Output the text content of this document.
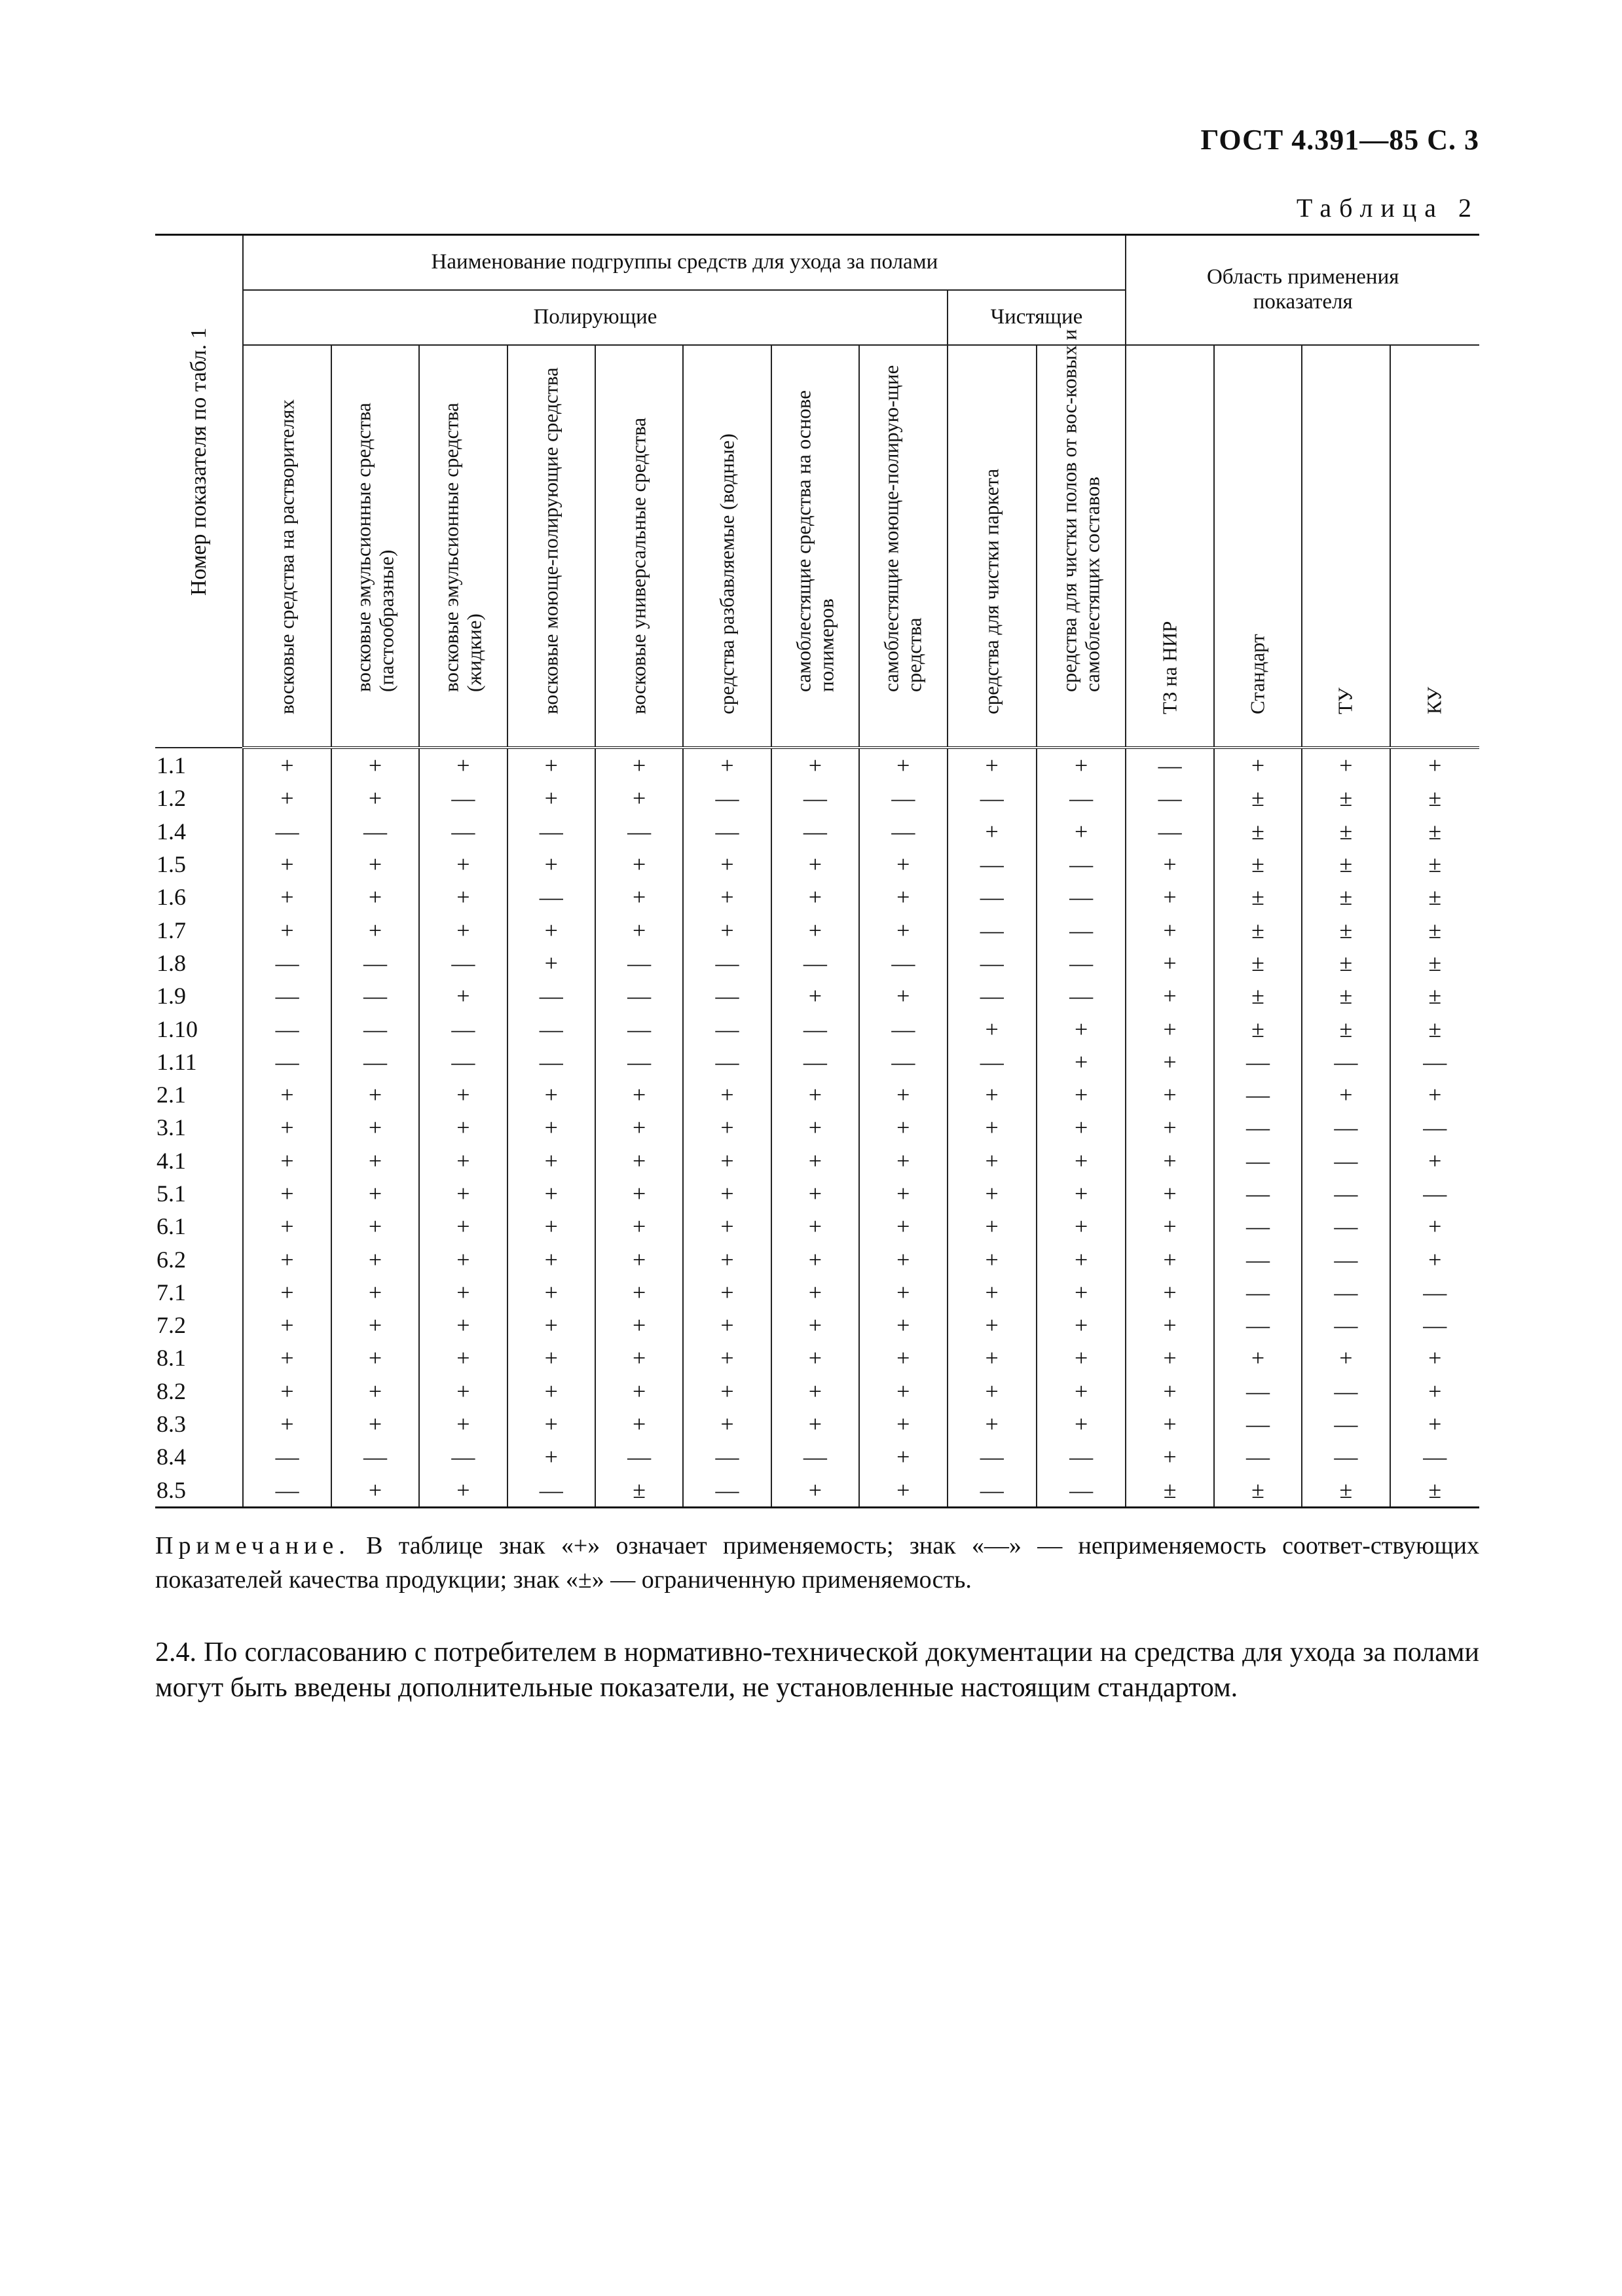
ГОСТ 4.391—85 С. 3
Таблица 2
Номер показателя по табл. 1	Наименование подгруппы средств для ухода за полами										Область применения показателя			

	Полирующие								Чистящие					

	восковые средства на растворителях	восковые эмульсионные средства (пастообразные)	восковые эмульсионные средства (жидкие)	восковые моюще-полирующие средства	восковые универсальные средства	средства разбавляемые (водные)	самоблестящие средства на основе полимеров	самоблестящие моюще-полирую-щие средства	средства для чистки паркета	средства для чистки полов от вос-ковых и самоблестящих составов	ТЗ на НИР	Стандарт	ТУ	КУ

1.1	+	+	+	+	+	+	+	+	+	+	—	+	+	+
1.2	+	+	—	+	+	—	—	—	—	—	—	±	±	±
1.4	—	—	—	—	—	—	—	—	+	+	—	±	±	±
1.5	+	+	+	+	+	+	+	+	—	—	+	±	±	±
1.6	+	+	+	—	+	+	+	+	—	—	+	±	±	±
1.7	+	+	+	+	+	+	+	+	—	—	+	±	±	±
1.8	—	—	—	+	—	—	—	—	—	—	+	±	±	±
1.9	—	—	+	—	—	—	+	+	—	—	+	±	±	±
1.10	—	—	—	—	—	—	—	—	+	+	+	±	±	±
1.11	—	—	—	—	—	—	—	—	—	+	+	—	—	—
2.1	+	+	+	+	+	+	+	+	+	+	+	—	+	+
3.1	+	+	+	+	+	+	+	+	+	+	+	—	—	—
4.1	+	+	+	+	+	+	+	+	+	+	+	—	—	+
5.1	+	+	+	+	+	+	+	+	+	+	+	—	—	—
6.1	+	+	+	+	+	+	+	+	+	+	+	—	—	+
6.2	+	+	+	+	+	+	+	+	+	+	+	—	—	+
7.1	+	+	+	+	+	+	+	+	+	+	+	—	—	—
7.2	+	+	+	+	+	+	+	+	+	+	+	—	—	—
8.1	+	+	+	+	+	+	+	+	+	+	+	+	+	+
8.2	+	+	+	+	+	+	+	+	+	+	+	—	—	+
8.3	+	+	+	+	+	+	+	+	+	+	+	—	—	+
8.4	—	—	—	+	—	—	—	+	—	—	+	—	—	—
8.5	—	+	+	—	±	—	+	+	—	—	±	±	±	±
Примечание. В таблице знак «+» означает применяемость; знак «—» — неприменяемость соответ-ствующих показателей качества продукции; знак «±» — ограниченную применяемость.
2.4. По согласованию с потребителем в нормативно-технической документации на средства для ухода за полами могут быть введены дополнительные показатели, не установленные настоящим стандартом.
